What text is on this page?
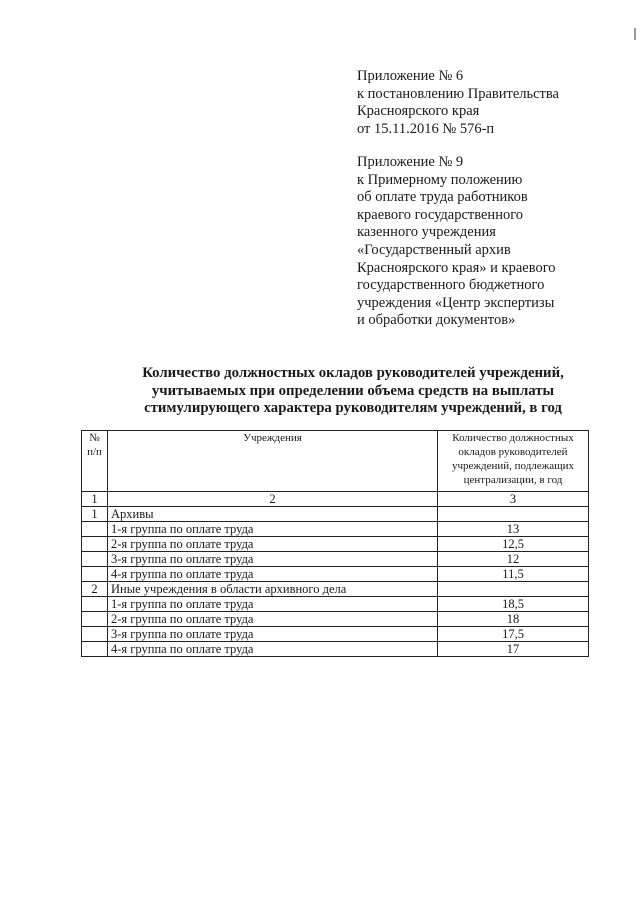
Приложение № 6
к постановлению Правительства
Красноярского края
от 15.11.2016 № 576-п
Приложение № 9
к Примерному положению
об оплате труда работников
краевого государственного
казенного учреждения
«Государственный архив
Красноярского края» и краевого
государственного бюджетного
учреждения «Центр экспертизы
и обработки документов»
Количество должностных окладов руководителей учреждений,
учитываемых при определении объема средств на выплаты
стимулирующего характера руководителям учреждений, в год
№
п/п	Учреждения	Количество должностных окладов руководителей учреждений, подлежащих централизации, в год
1	2	3
1	Архивы	
	1-я группа по оплате труда	13
	2-я группа по оплате труда	12,5
	3-я группа по оплате труда	12
	4-я группа по оплате труда	11,5
2	Иные учреждения в области архивного дела	
	1-я группа по оплате труда	18,5
	2-я группа по оплате труда	18
	3-я группа по оплате труда	17,5
	4-я группа по оплате труда	17
